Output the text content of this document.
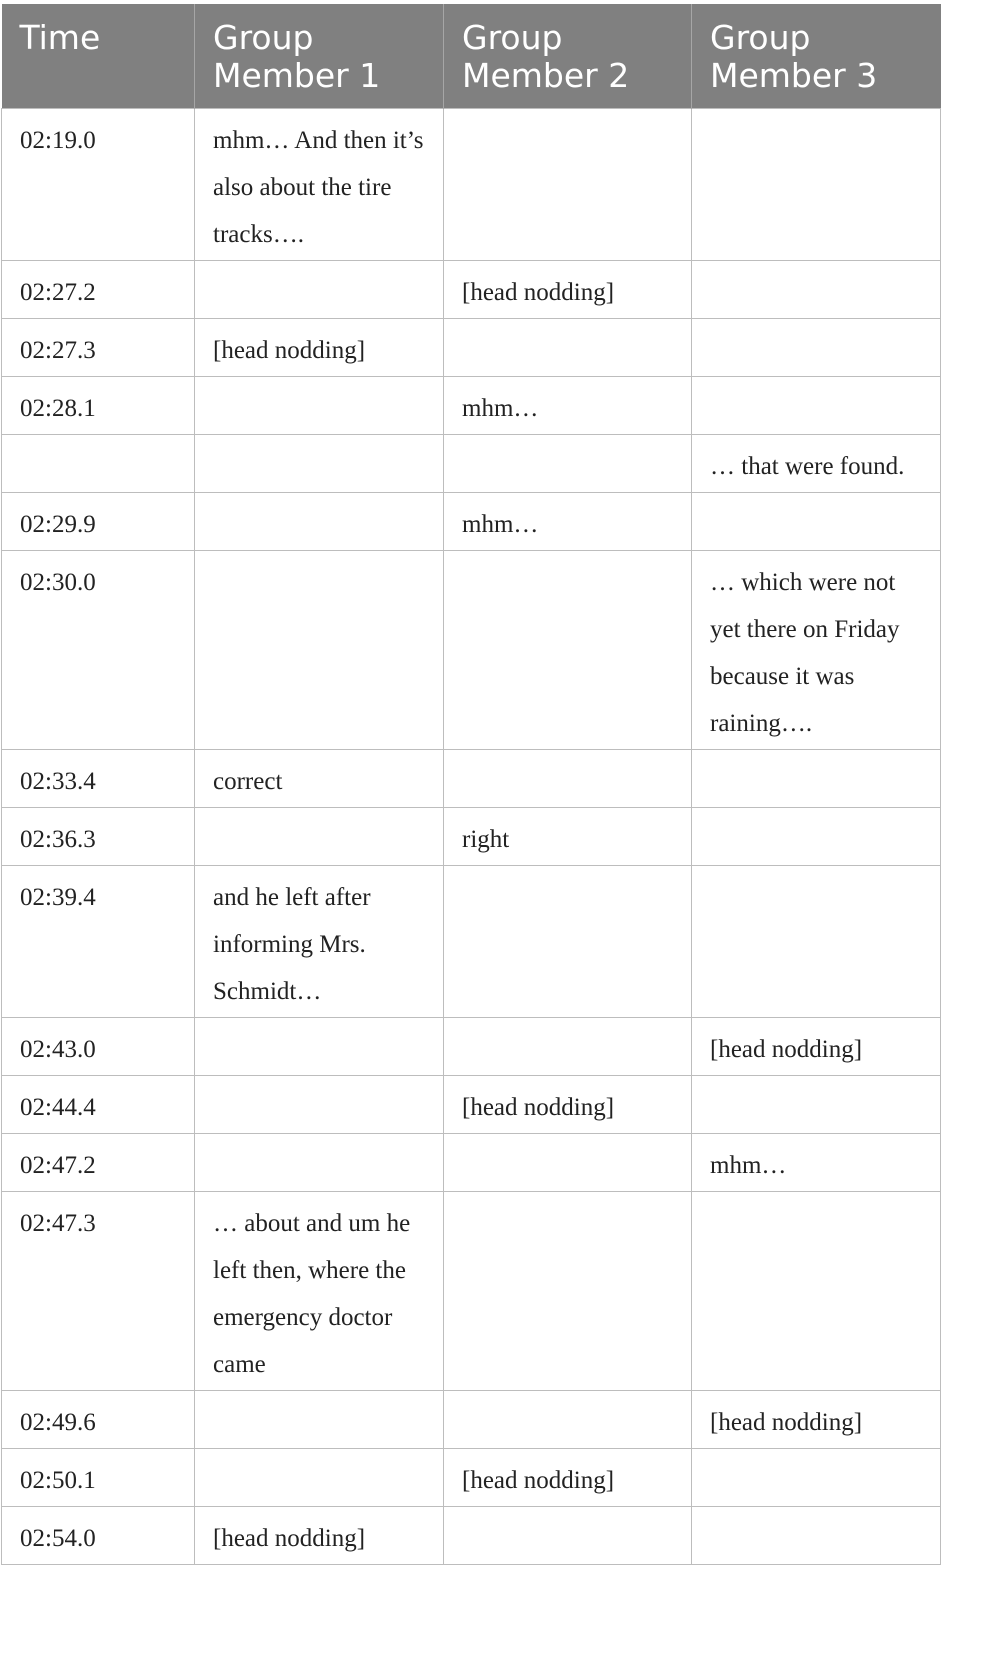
Time	Group Member 1	Group Member 2	Group Member 3
02:19.0	mhm… And then it’s also about the tire tracks….		
02:27.2		[head nodding]	
02:27.3	[head nodding]		
02:28.1		mhm…	
			… that were found.
02:29.9		mhm…	
02:30.0			… which were not yet there on Friday because it was raining….
02:33.4	correct		
02:36.3		right	
02:39.4	and he left after informing Mrs. Schmidt…		
02:43.0			[head nodding]
02:44.4		[head nodding]	
02:47.2			mhm…
02:47.3	… about and um he left then, where the emergency doctor came		
02:49.6			[head nodding]
02:50.1		[head nodding]	
02:54.0	[head nodding]		
